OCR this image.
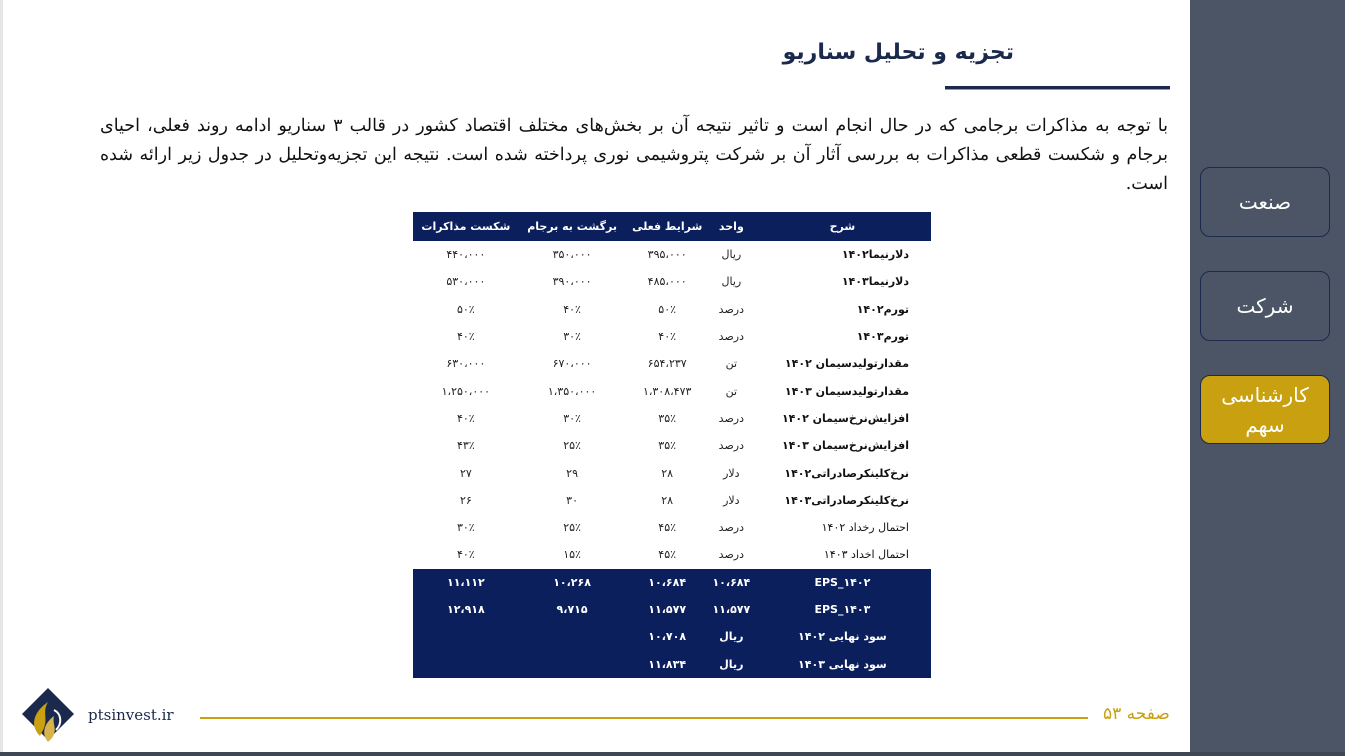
تجزیه و تحلیل سناریو
با توجه به مذاکرات برجامی که در حال انجام است و تاثیر نتیجه آن بر بخش‌های مختلف اقتصاد کشور در قالب ۳ سناریو ادامه روند فعلی، احیای برجام و شکست قطعی مذاکرات به بررسی آثار آن بر شرکت پتروشیمی نوری پرداخته شده است. نتیجه این تجزیه‌وتحلیل در جدول زیر ارائه شده است.
شرح	واحد	شرایط فعلی	برگشت به برجام	شکست مذاکرات
دلارنیما۱۴۰۲	ریال	۳۹۵،۰۰۰	۳۵۰،۰۰۰	۴۴۰،۰۰۰
دلارنیما۱۴۰۳	ریال	۴۸۵،۰۰۰	۳۹۰،۰۰۰	۵۳۰،۰۰۰
تورم۱۴۰۲	درصد	۵۰٪	۴۰٪	۵۰٪
تورم۱۴۰۳	درصد	۴۰٪	۳۰٪	۴۰٪
مقدارتولیدسیمان ۱۴۰۲	تن	۶۵۴،۲۳۷	۶۷۰،۰۰۰	۶۳۰،۰۰۰
مقدارتولیدسیمان ۱۴۰۳	تن	۱،۳۰۸،۴۷۳	۱،۳۵۰،۰۰۰	۱،۲۵۰،۰۰۰
افزایش‌نرخ‌سیمان ۱۴۰۲	درصد	۳۵٪	۳۰٪	۴۰٪
افزایش‌نرخ‌سیمان ۱۴۰۳	درصد	۳۵٪	۲۵٪	۴۳٪
نرخ‌کلینکرصادراتی۱۴۰۲	دلار	۲۸	۲۹	۲۷
نرخ‌کلینکرصادراتی۱۴۰۳	دلار	۲۸	۳۰	۲۶
احتمال رخداد ۱۴۰۲	درصد	۴۵٪	۲۵٪	۳۰٪
احتمال اخداد ۱۴۰۳	درصد	۴۵٪	۱۵٪	۴۰٪
EPS_۱۴۰۲	۱۰،۶۸۴	۱۰،۶۸۴	۱۰،۲۶۸	۱۱،۱۱۲
EPS_۱۴۰۳	۱۱،۵۷۷	۱۱،۵۷۷	۹،۷۱۵	۱۲،۹۱۸
سود نهایی ۱۴۰۲	ریال	۱۰،۷۰۸		
سود نهایی ۱۴۰۳	ریال	۱۱،۸۳۴		
ptsinvest.ir	صفحه ۵۳
صنعت
شرکت
کارشناسی
سهم
